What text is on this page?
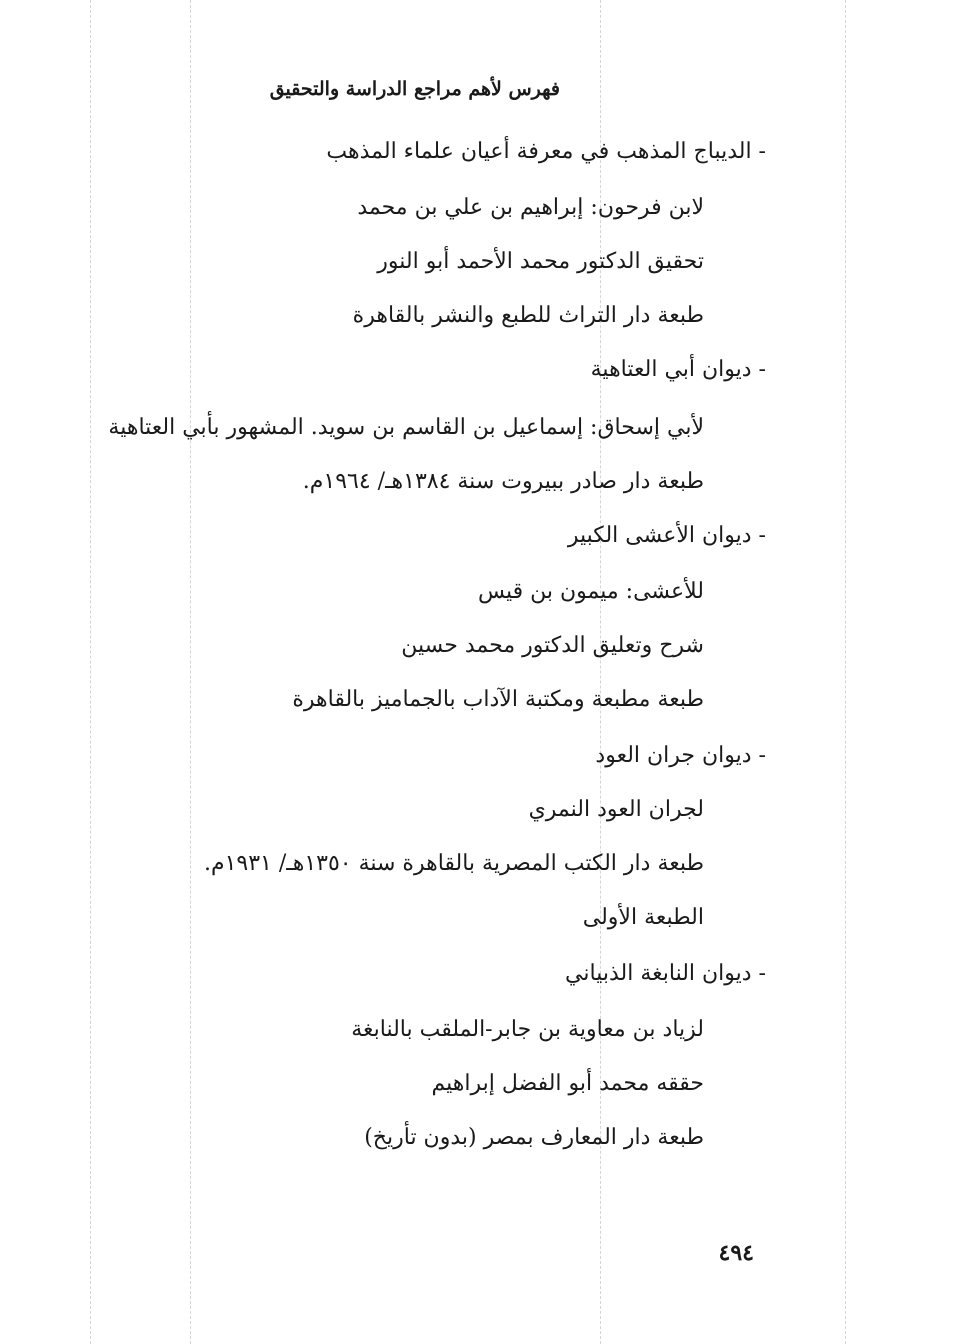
فهرس لأهم مراجع الدراسة والتحقيق
- الديباج المذهب في معرفة أعيان علماء المذهب
لابن فرحون: إبراهيم بن علي بن محمد
تحقيق الدكتور محمد الأحمد أبو النور
طبعة دار التراث للطبع والنشر بالقاهرة
- ديوان أبي العتاهية
لأبي إسحاق: إسماعيل بن القاسم بن سويد. المشهور بأبي العتاهية
طبعة دار صادر ببيروت سنة ١٣٨٤هـ/ ١٩٦٤م.
- ديوان الأعشى الكبير
للأعشى: ميمون بن قيس
شرح وتعليق الدكتور محمد حسين
طبعة مطبعة ومكتبة الآداب بالجماميز بالقاهرة
- ديوان جران العود
لجران العود النمري
طبعة دار الكتب المصرية بالقاهرة سنة ١٣٥٠هـ/ ١٩٣١م.
الطبعة الأولى
- ديوان النابغة الذبياني
لزياد بن معاوية بن جابر-الملقب بالنابغة
حققه محمد أبو الفضل إبراهيم
طبعة دار المعارف بمصر (بدون تأريخ)
٤٩٤
